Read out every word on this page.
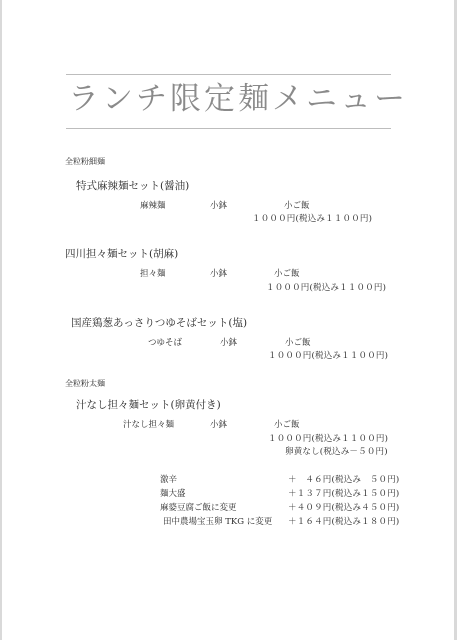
ランチ限定麺メニュー
全粒粉細麺
特式麻辣麺セット(醤油)
麻辣麺	小鉢	小ご飯
１０００円(税込み１１００円)
四川担々麺セット(胡麻)
担々麺	小鉢	小ご飯
１０００円(税込み１１００円)
国産鶏葱あっさりつゆそばセット(塩)
つゆそば	小鉢	小ご飯
１０００円(税込み１１００円)
全粒粉太麺
汁なし担々麺セット(卵黄付き)
汁なし担々麺	小鉢	小ご飯
１０００円(税込み１１００円)
卵黄なし(税込み－５０円)
激辛	＋　４６円(税込み　５０円)
麺大盛	＋１３７円(税込み１５０円)
麻婆豆腐ご飯に変更	＋４０９円(税込み４５０円)
田中農場宝玉卵 TKG に変更 ＋１６４円(税込み１８０円)
